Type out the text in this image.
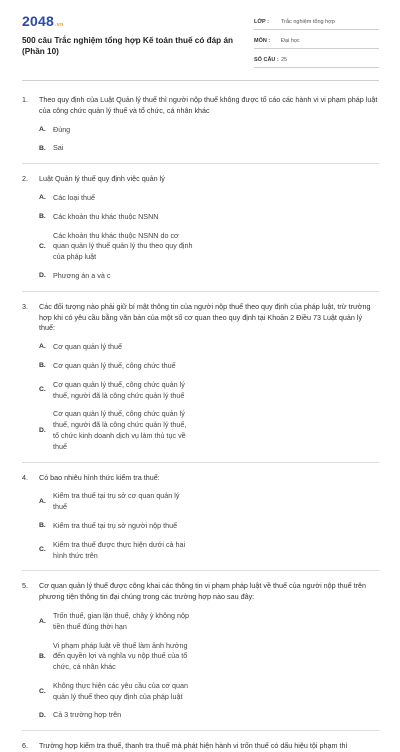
2048.vn
500 câu Trắc nghiệm tổng hợp Kế toán thuế có đáp án (Phần 10)
LỚP :	Trắc nghiệm tổng hợp
MÔN :	Đại học
SỐ CÂU : 25
1.	Theo quy định của Luật Quản lý thuế thì người nộp thuế không được tố cáo các hành vi vi phạm pháp luật của công chức quản lý thuế và tổ chức, cá nhân khác
A. Đúng
B. Sai
2.	Luật Quản lý thuế quy định việc quản lý
A. Các loại thuế
B. Các khoản thu khác thuộc NSNN
C.
Các khoản thu khác thuộc NSNN do cơ quan quản lý thuế quản lý thu theo quy định của pháp luật
D. Phương án a và c
3.	Các đối tượng nào phải giữ bí mật thông tin của người nộp thuế theo quy định của pháp luật, trừ trường hợp khi có yêu cầu bằng văn bản của một số cơ quan theo quy định tại Khoản 2 Điều 73 Luật quản lý thuế:
A. Cơ quan quản lý thuế
B. Cơ quan quản lý thuế, công chức thuế
C.
Cơ quan quản lý thuế, công chức quản lý thuế, người đã là công chức quản lý thuế
D.
Cơ quan quản lý thuế, công chức quản lý thuế, người đã là công chức quản lý thuế, tổ chức kinh doanh dịch vụ làm thủ tục về thuế
4.	Có bao nhiêu hình thức kiểm tra thuế:
A.
Kiểm tra thuế tại trụ sở cơ quan quản lý thuế
B. Kiểm tra thuế tại trụ sở người nộp thuế
C.
Kiểm tra thuế được thực hiện dưới cả hai hình thức trên
5.	Cơ quan quản lý thuế được công khai các thông tin vi phạm pháp luật về thuế của người nộp thuế trên phương tiện thông tin đại chúng trong các trường hợp nào sau đây:
A.
Trốn thuế, gian lận thuế, chây ỳ không nộp tiền thuế đúng thời hạn
B.
Vi phạm pháp luật về thuế làm ảnh hưởng đến quyền lợi và nghĩa vụ nộp thuế của tổ chức, cá nhân khác
C.
Không thực hiện các yêu cầu của cơ quan quản lý thuế theo quy định của pháp luật
D. Cả 3 trường hợp trên
6.	Trường hợp kiểm tra thuế, thanh tra thuế mà phát hiện hành vi trốn thuế có dấu hiệu tội phạm thì
